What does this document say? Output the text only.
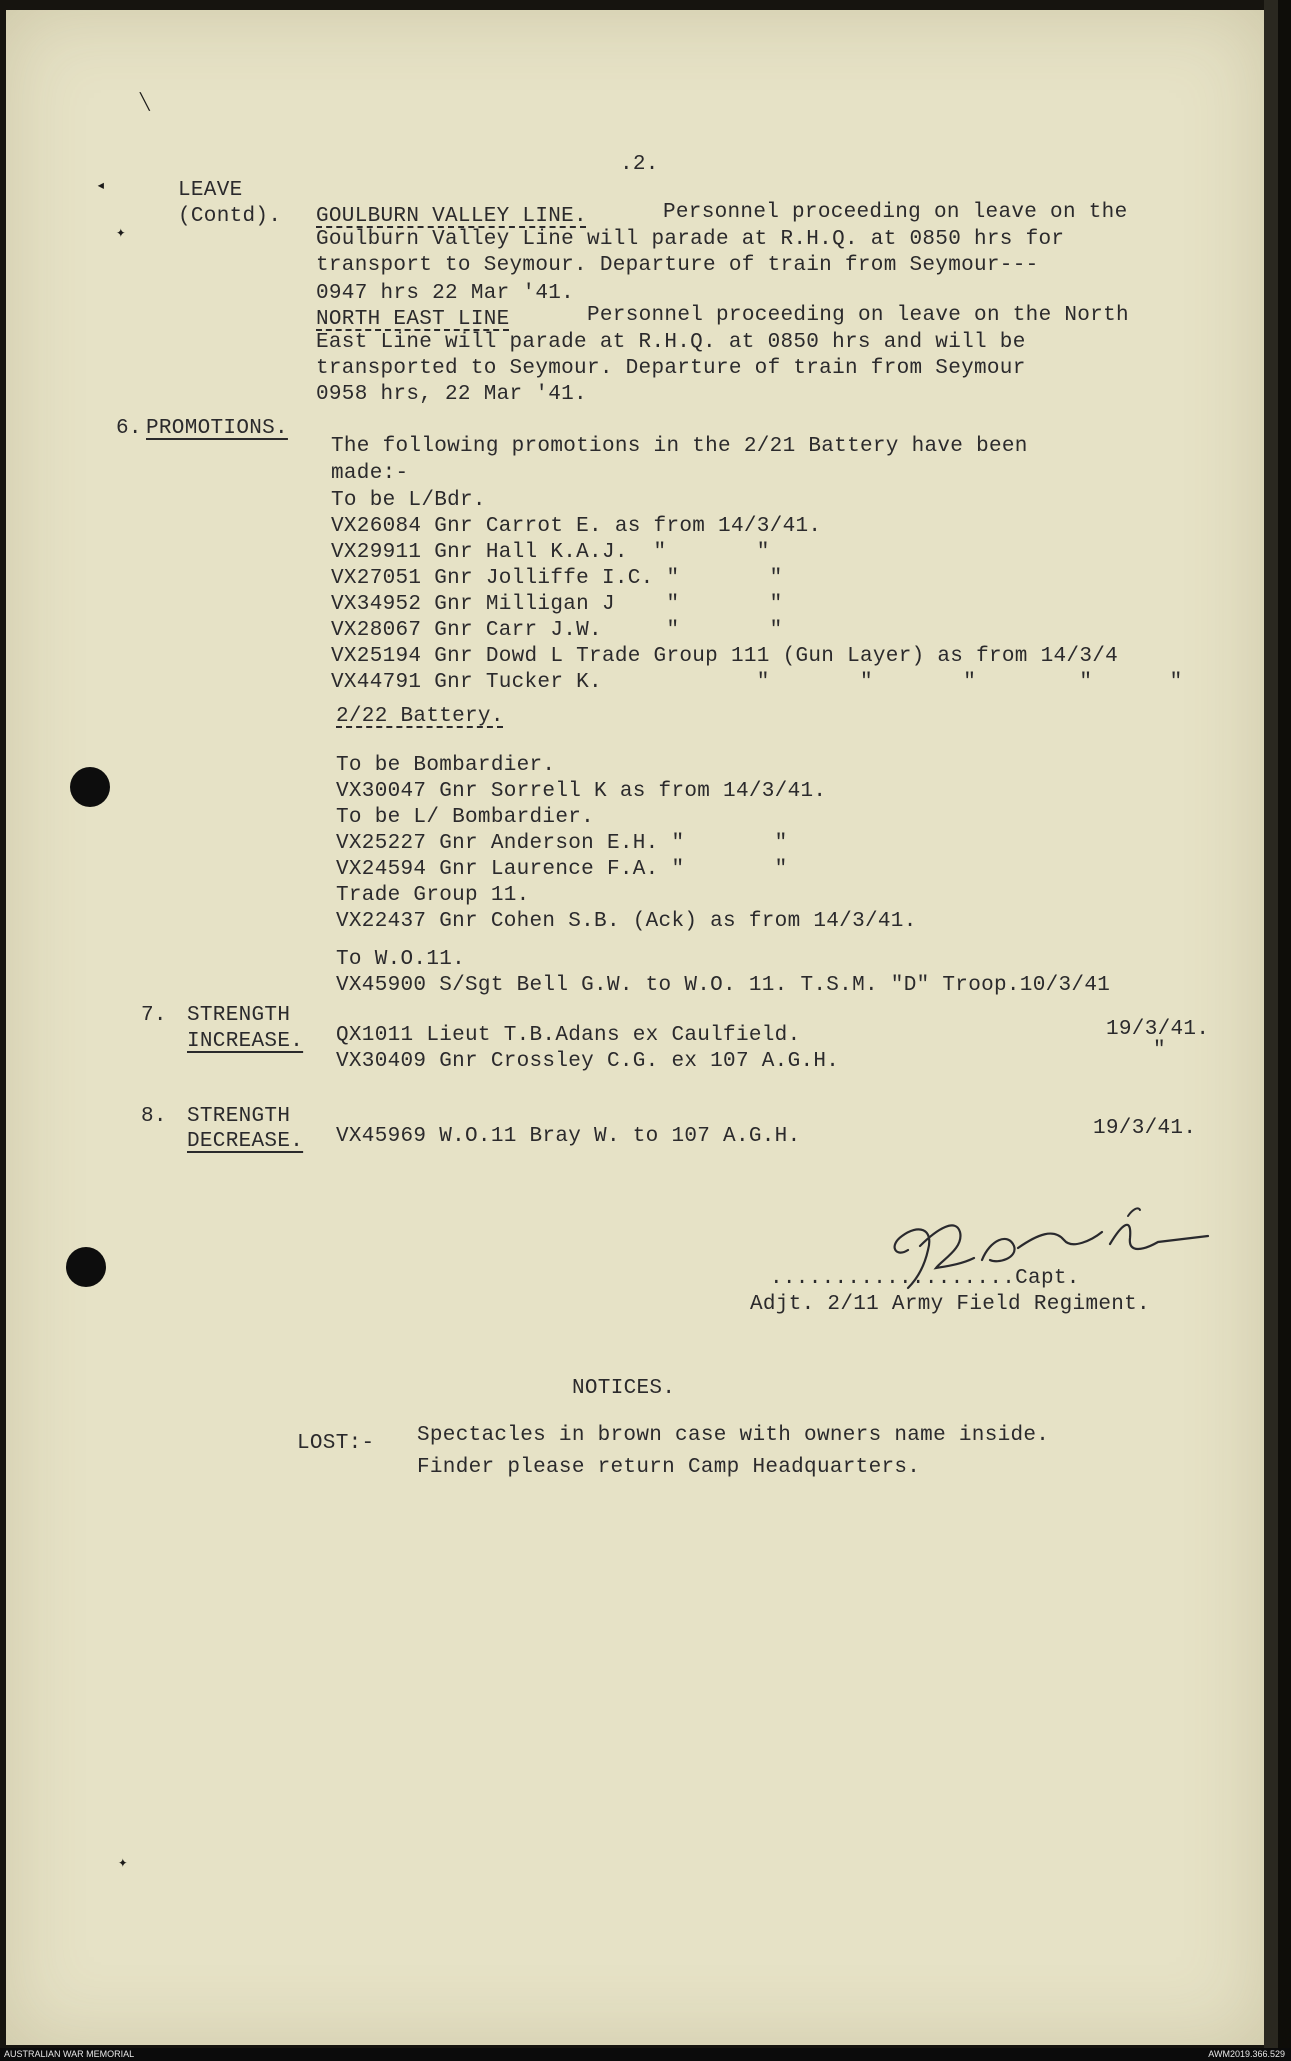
╲
◂
✦
✦
.2.
LEAVE
(Contd). GOULBURN VALLEY LINE.	Personnel proceeding on leave on the
Goulburn Valley Line will parade at R.H.Q. at 0850 hrs for
transport to Seymour. Departure of train from Seymour---
0947 hrs 22 Mar '41.
NORTH EAST LINE	Personnel proceeding on leave on the North
East Line will parade at R.H.Q. at 0850 hrs and will be
transported to Seymour. Departure of train from Seymour
0958 hrs, 22 Mar '41.
6. PROMOTIONS.
The following promotions in the 2/21 Battery have been
made:-
To be L/Bdr.
VX26084 Gnr Carrot E. as from 14/3/41.
VX29911 Gnr Hall K.A.J.  "       "
VX27051 Gnr Jolliffe I.C. "       "
VX34952 Gnr Milligan J    "       "
VX28067 Gnr Carr J.W.     "       "
VX25194 Gnr Dowd L Trade Group 111 (Gun Layer) as from 14/3/4
VX44791 Gnr Tucker K.            "       "       "        "      "
2/22 Battery.
To be Bombardier.
VX30047 Gnr Sorrell K as from 14/3/41.
To be L/ Bombardier.
VX25227 Gnr Anderson E.H. "       "
VX24594 Gnr Laurence F.A. "       "
Trade Group 11.
VX22437 Gnr Cohen S.B. (Ack) as from 14/3/41.
To W.O.11.
VX45900 S/Sgt Bell G.W. to W.O. 11. T.S.M. "D" Troop.10/3/41
7. STRENGTH
INCREASE. QX1011 Lieut T.B.Adans ex Caulfield.	19/3/41.
VX30409 Gnr Crossley C.G. ex 107 A.G.H.	"
8. STRENGTH
DECREASE. VX45969 W.O.11 Bray W. to 107 A.G.H.	19/3/41.
...................Capt.
Adjt. 2/11 Army Field Regiment.
NOTICES.
LOST:- Spectacles in brown case with owners name inside.
Finder please return Camp Headquarters.
AUSTRALIAN WAR MEMORIAL	AWM2019.366.529
